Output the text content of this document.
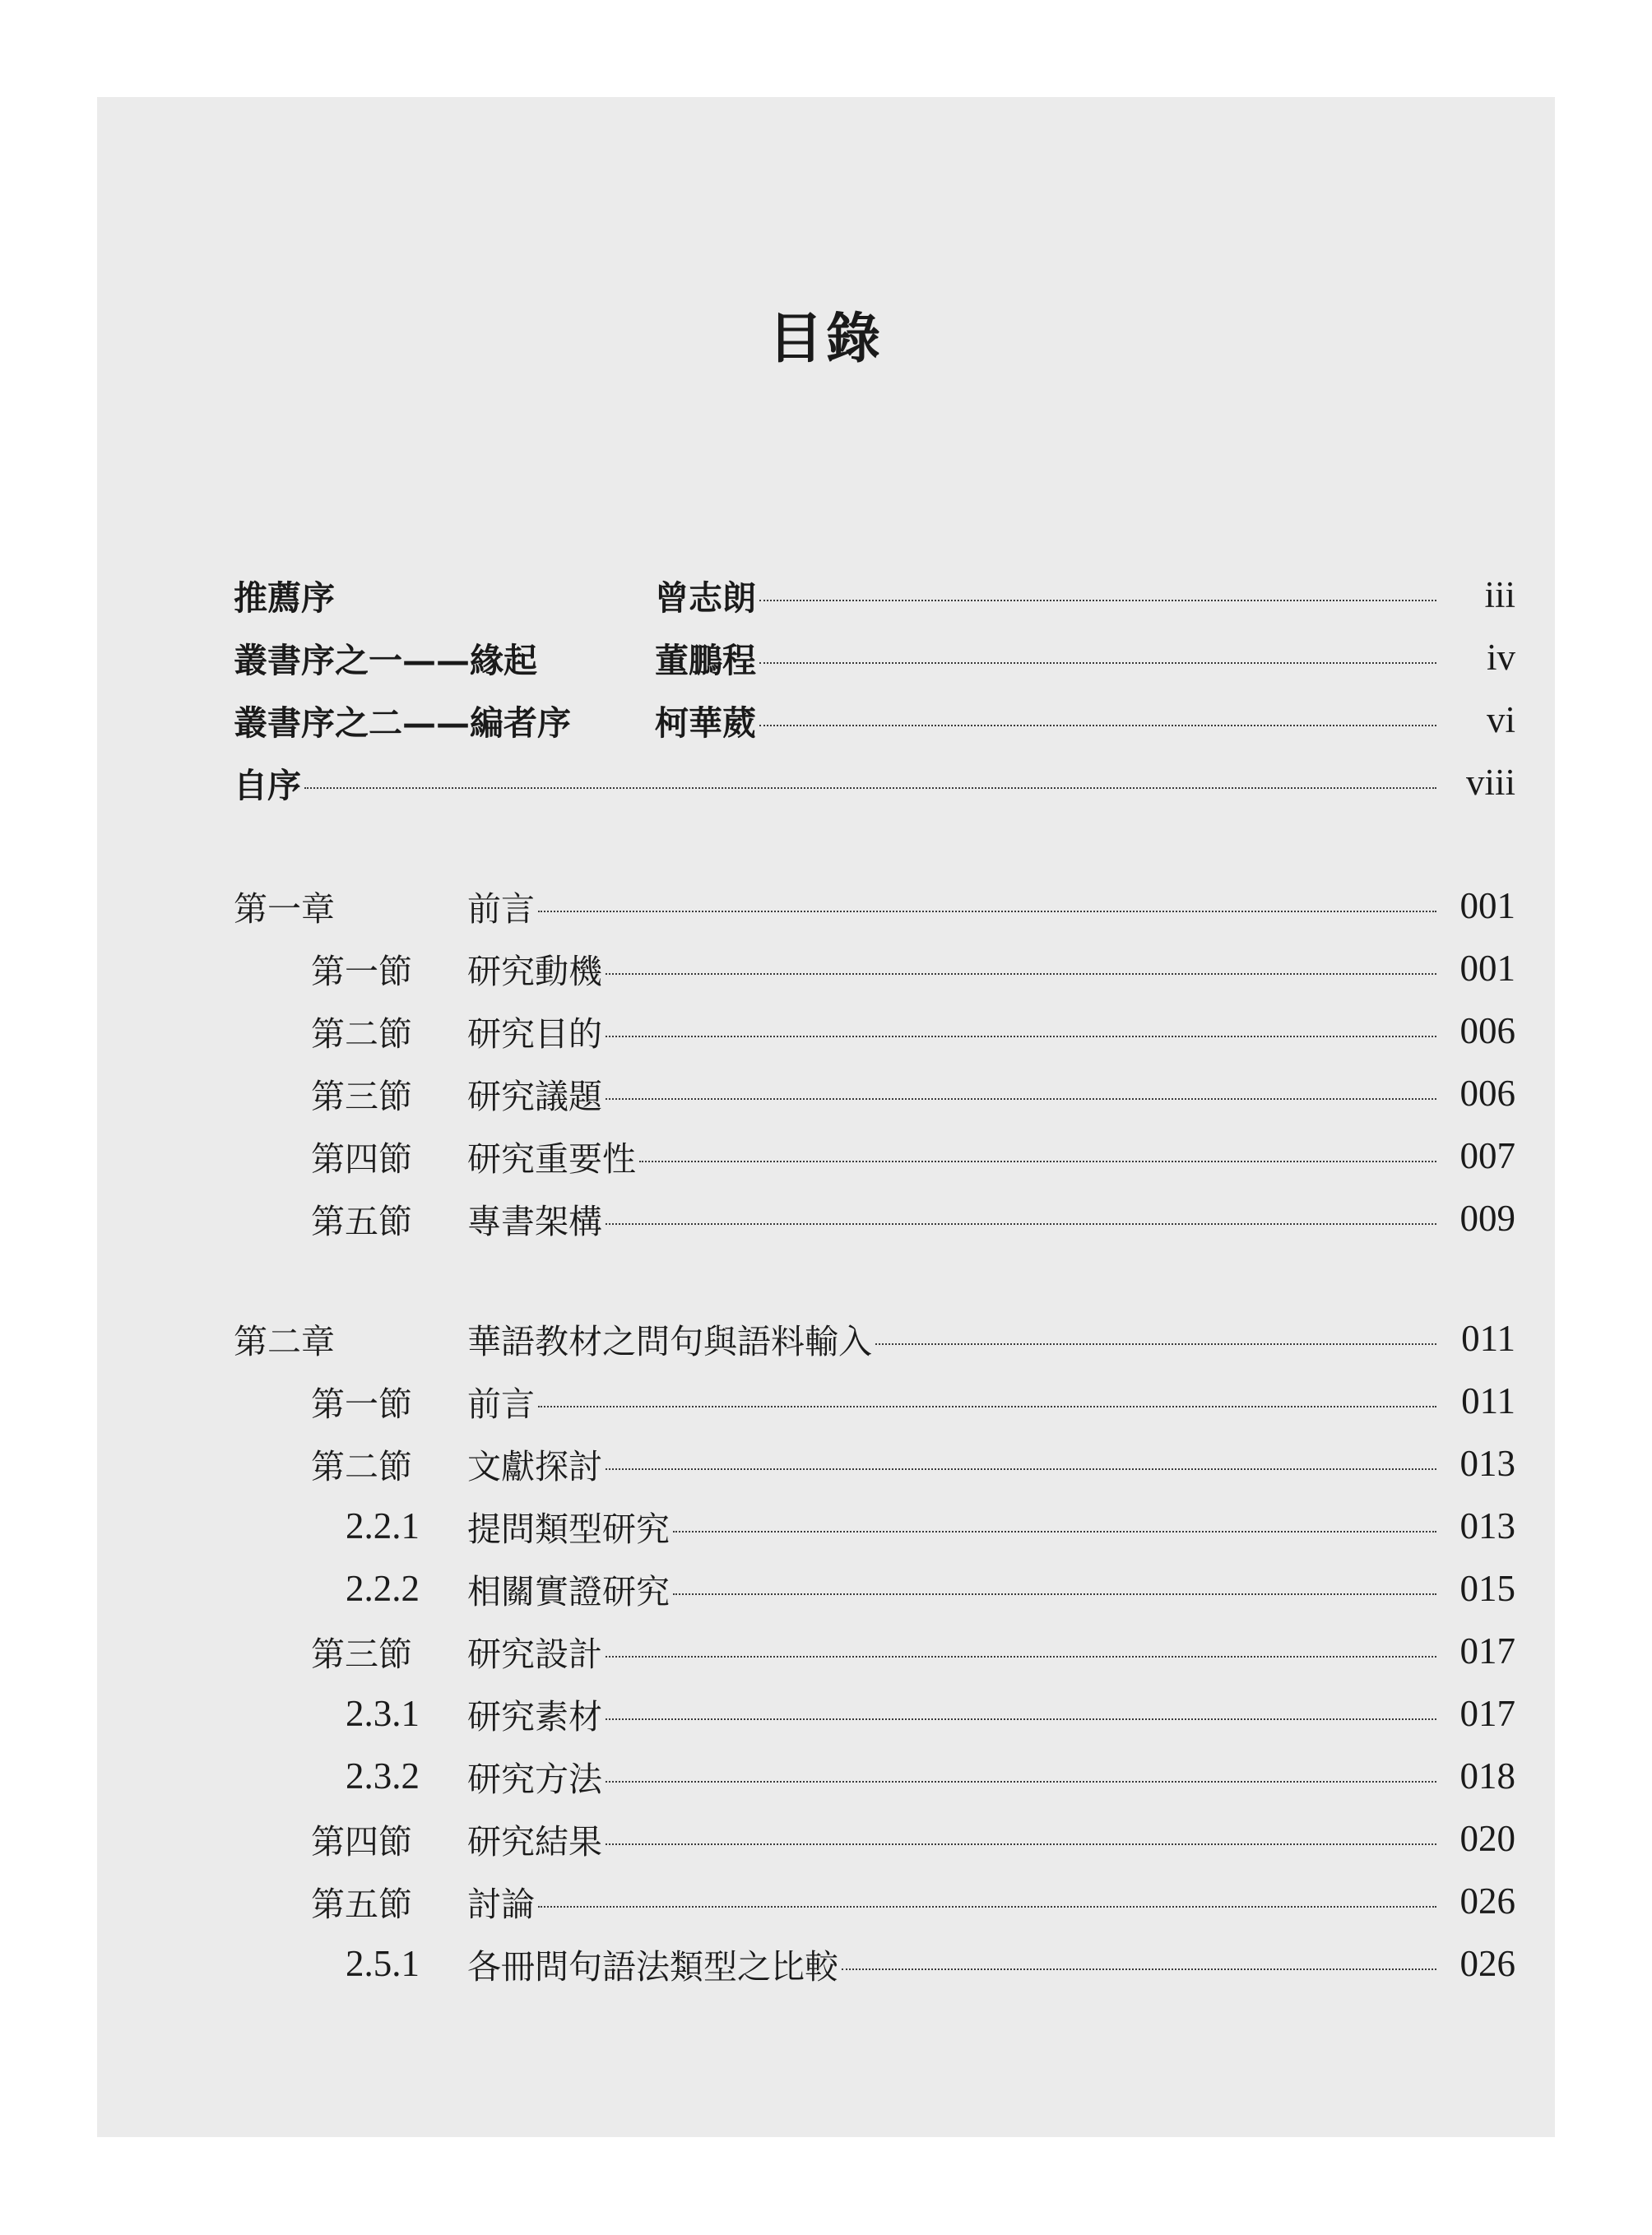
目錄
推薦序	曾志朗	iii
叢書序之一——緣起	董鵬程	iv
叢書序之二——編者序	柯華葳	vi
自序	viii
第一章	前言	001
第一節	研究動機	001
第二節	研究目的	006
第三節	研究議題	006
第四節	研究重要性	007
第五節	專書架構	009
第二章	華語教材之問句與語料輸入	011
第一節	前言	011
第二節	文獻探討	013
2.2.1	提問類型研究	013
2.2.2	相關實證研究	015
第三節	研究設計	017
2.3.1	研究素材	017
2.3.2	研究方法	018
第四節	研究結果	020
第五節	討論	026
2.5.1	各冊問句語法類型之比較	026
